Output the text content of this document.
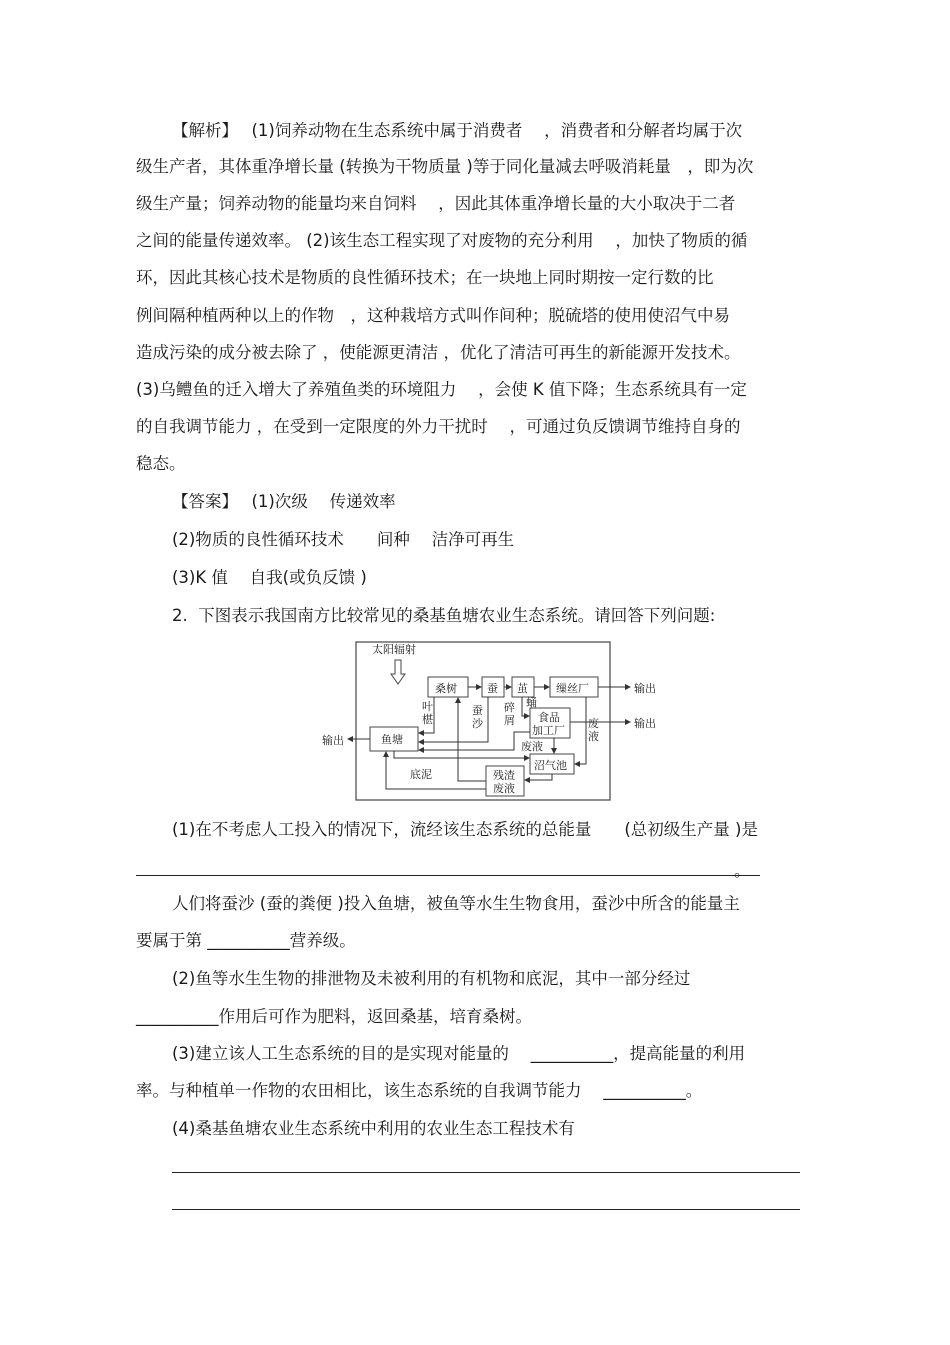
【解析】　 (1)饲养动物在生态系统中属于消费者　 ，消费者和分解者均属于次
级生产者，其体重净增长量 (转换为干物质量 )等于同化量减去呼吸消耗量　，即为次
级生产量；饲养动物的能量均来自饲料　 ，因此其体重净增长量的大小取决于二者
之间的能量传递效率。 (2)该生态工程实现了对废物的充分利用　 ，加快了物质的循
环，因此其核心技术是物质的良性循环技术；在一块地上同时期按一定行数的比
例间隔种植两种以上的作物　，这种栽培方式叫作间种；脱硫塔的使用使沼气中易
造成污染的成分被去除了 ，使能源更清洁 ，优化了清洁可再生的新能源开发技术。
(3)乌鳢鱼的迁入增大了养殖鱼类的环境阻力　 ，会使 K 值下降；生态系统具有一定
的自我调节能力 ，在受到一定限度的外力干扰时　 ，可通过负反馈调节维持自身的
稳态。
【答案】　 (1)次级　 传递效率
(2)物质的良性循环技术　　间种　 洁净可再生
(3)K 值　 自我(或负反馈 )
2.  下图表示我国南方比较常见的桑基鱼塘农业生态系统。请回答下列问题:
太阳辐射
桑树	蚕 茧	缫丝厂
食品
加工厂
鱼塘
沼气池
残渣
废液
输出
输出
输出
叶
椹
蚕
沙
碎
屑
蛹
废液
废
液
底泥
(1)在不考虑人工投入的情况下，流经该生态系统的总能量　　(总初级生产量 )是
。
人们将蚕沙 (蚕的粪便 )投入鱼塘，被鱼等水生生物食用，蚕沙中所含的能量主
要属于第 __________营养级。
(2)鱼等水生生物的排泄物及未被利用的有机物和底泥，其中一部分经过
__________作用后可作为肥料，返回桑基，培育桑树。
(3)建立该人工生态系统的目的是实现对能量的　 __________，提高能量的利用
率。与种植单一作物的农田相比，该生态系统的自我调节能力　 __________。
(4)桑基鱼塘农业生态系统中利用的农业生态工程技术有
